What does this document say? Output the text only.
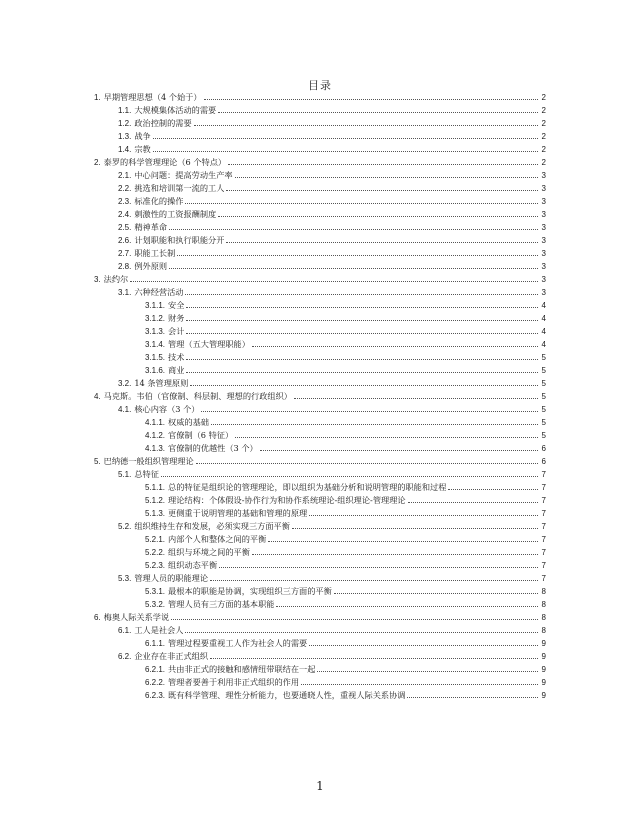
目录
1. 早期管理思想（4 个始于）	2
1.1. 大规模集体活动的需要	2
1.2. 政治控制的需要	2
1.3. 战争	2
1.4. 宗教	2
2. 泰罗的科学管理理论（6 个特点）	2
2.1. 中心问题：提高劳动生产率	3
2.2. 挑选和培训第一流的工人	3
2.3. 标准化的操作	3
2.4. 刺激性的工资报酬制度	3
2.5. 精神革命	3
2.6. 计划职能和执行职能分开	3
2.7. 职能工长制	3
2.8. 例外原则	3
3. 法约尔	3
3.1. 六种经营活动	3
3.1.1. 安全	4
3.1.2. 财务	4
3.1.3. 会计	4
3.1.4. 管理（五大管理职能）	4
3.1.5. 技术	5
3.1.6. 商业	5
3.2. 14 条管理原则	5
4. 马克斯。韦伯（官僚制、科层制、理想的行政组织）	5
4.1. 核心内容（3 个）	5
4.1.1. 权威的基础	5
4.1.2. 官僚制（6 特征）	5
4.1.3. 官僚制的优越性（3 个）	6
5. 巴纳德一般组织管理理论	6
5.1. 总特征	7
5.1.1. 总的特征是组织论的管理理论，即以组织为基础分析和说明管理的职能和过程	7
5.1.2. 理论结构：个体假设-协作行为和协作系统理论-组织理论-管理理论	7
5.1.3. 更侧重于说明管理的基础和管理的原理	7
5.2. 组织维持生存和发展，必须实现三方面平衡	7
5.2.1. 内部个人和整体之间的平衡	7
5.2.2. 组织与环境之间的平衡	7
5.2.3. 组织动态平衡	7
5.3. 管理人员的职能理论	7
5.3.1. 最根本的职能是协调，实现组织三方面的平衡	8
5.3.2. 管理人员有三方面的基本职能	8
6. 梅奥人际关系学说	8
6.1. 工人是社会人	8
6.1.1. 管理过程要重视工人作为社会人的需要	9
6.2. 企业存在非正式组织	9
6.2.1. 共由非正式的接触和感情纽带联结在一起	9
6.2.2. 管理者要善于利用非正式组织的作用	9
6.2.3. 既有科学管理、理性分析能力，也要通晓人性，重视人际关系协调	9
1
